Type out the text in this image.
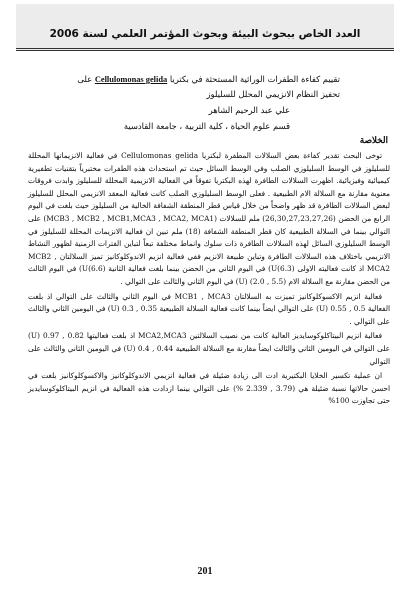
العدد الخاص ببحوث البيئة وبحوث المؤتمر العلمي لسنة 2006
تقييم كفاءة الطفرات الوراثية المستحثة في بكتريا Cellulomonas gelida على تحفيز النظام الانزيمي المحلل للسليلوز
علي عبد الرحيم الشاهر
قسم علوم الحياة ، كلية التربية ، جامعة القادسية
الخلاصة

توخى البحث تقدير كفاءة بعض السلالات المطفرة لبكتريا Cellulomonas gelida في فعالية الانزيماتها المحللة للسليلوز في الوسط السليلوزي الصلب وفي الوسط السائل حيث تم استحداث هذه الطفرات مختبرياً بتقنيات تطفيرية كيميائية وفيزيائية. اظهرت السلالات الطافرة لهذه البكتريا تفوقاً في الفعالية الانزيمية المحللة للسليلوز وابدت فروقات معنوية مقارنة مع السلالة الام الطبيعية . فعلى الوسط السليلوزي الصلب كانت فعالية المعقد الانزيمي المحلل للسليلوز لبعض السلالات الطافرة قد ظهر واضحاً من خلال قياس قطر المنطقة الشفافة الخالية من السليلوز حيث بلغت في اليوم الرابع من الحضن (26,30,27,23,27,26) ملم للسلالات (MCB3 , MCB2 , MCB1,MCA3 , MCA2, MCA1) على التوالي بينما في السلالة الطبيعية كان قطر المنطقة الشفافة (18) ملم تبين ان فعالية الانزيمات المحللة للسليلوز في الوسط السليلوزي السائل لهذه السلالات الطافرة ذات سلوك وانماط مختلفة تبعاً لتباين الفترات الزمنية لظهور النشاط الانزيمي باختلاف هذه السلالات الطافرة وتباين طبيعة الانزيم ففي فعالية انزيم الاندوكلوكانيز تميز السلالتان MCB2 , MCA2 اذ كانت فعاليته الاولى (6.3)U) في اليوم الثاني من الحضن بينما بلغت فعالية الثانية (6.6)U) في اليوم الثالث من الحضن مقارنة مع السلالة الام (5.5 , 2.0) (U) في اليوم الثاني والثالث على التوالي .

فعالية انزيم الاكسوكلوكانيز تميزت به السلالتان MCB1 , MCA3 في اليوم الثاني والثالث على التوالي اذ بلغت الفعالية 0.5 , 0.55 (U) على التوالي ايضاً بينما كانت فعالية السلالة الطبيعية 0.35 , 0.3 (U) في اليومين الثاني والثالث على التوالي .

فعالية انزيم البيتاكلوكوسايديز العالية كانت من نصيب السلالتين MCA2,MCA3 اذ بلغت فعاليتها 0.82 , 0.97 (U) على التوالي في اليومين الثاني والثالث ايضاً مقارنة مع السلالة الطبيعية 0.44 , 0.4 (U) في اليومين الثاني والثالث على التوالي

ان عملية تكسير الخلايا البكتيرية ادت الى زيادة ضئيلة في فعالية انزيمي الاندوكلوكانيز والاكسوكلوكانيز بلغت في احسن حالاتها نسبة ضئيلة هي (3.79 , 2.339 %) على التوالي بينما ازدادت هذه الفعالية في انزيم البيتاكلوكوسايديز حتى تجاوزت 100%

201
